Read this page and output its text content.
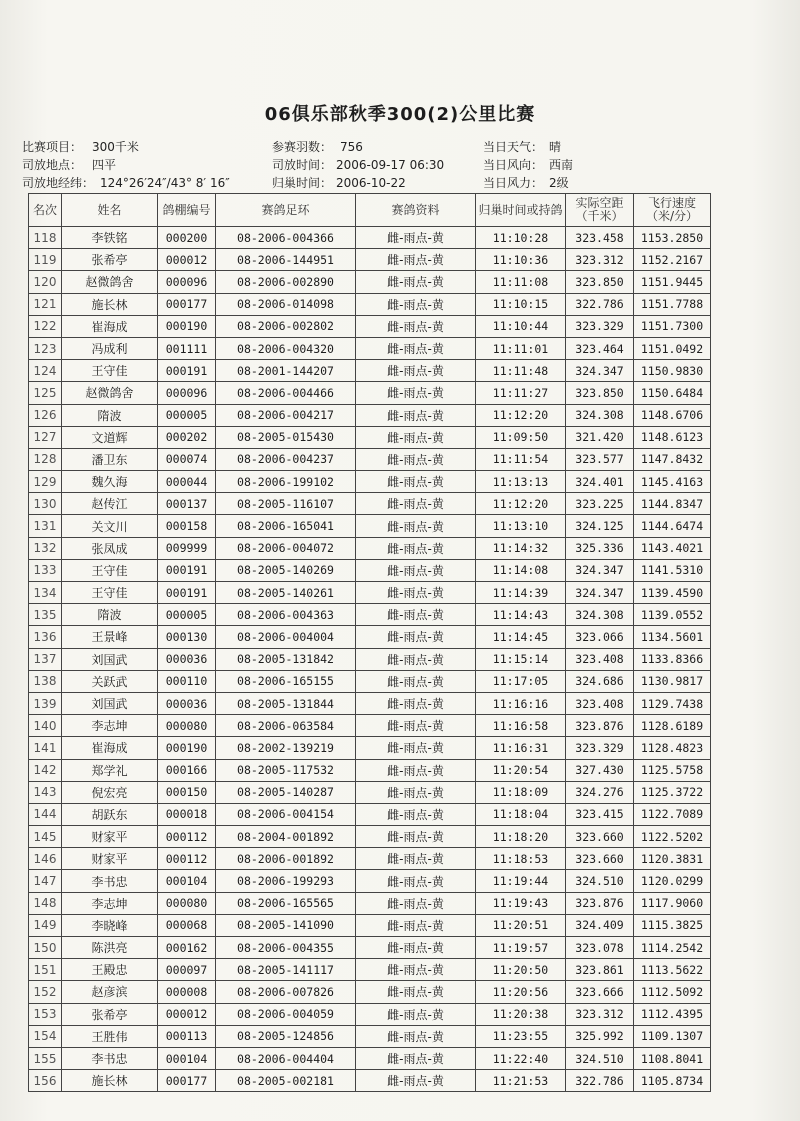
06俱乐部秋季300(2)公里比赛
比赛项目： 300千米
司放地点： 四平
司放地经纬： 124°26′24″/43° 8′ 16″
参赛羽数： 756
司放时间： 2006-09-17 06:30
归巢时间： 2006-10-22
当日天气： 晴
当日风向： 西南
当日风力： 2级
名次	姓名	鸽棚编号	赛鸽足环	赛鸽资料	归巢时间或持鸽	实际空距（千米）	飞行速度（米/分）
118	李铁铭	000200	08-2006-004366	雌-雨点-黄	11:10:28	323.458	1153.2850
119	张希亭	000012	08-2006-144951	雌-雨点-黄	11:10:36	323.312	1152.2167
120	赵微鸽舍	000096	08-2006-002890	雌-雨点-黄	11:11:08	323.850	1151.9445
121	施长林	000177	08-2006-014098	雌-雨点-黄	11:10:15	322.786	1151.7788
122	崔海成	000190	08-2006-002802	雌-雨点-黄	11:10:44	323.329	1151.7300
123	冯成利	001111	08-2006-004320	雌-雨点-黄	11:11:01	323.464	1151.0492
124	王守佳	000191	08-2001-144207	雌-雨点-黄	11:11:48	324.347	1150.9830
125	赵微鸽舍	000096	08-2006-004466	雌-雨点-黄	11:11:27	323.850	1150.6484
126	隋波	000005	08-2006-004217	雌-雨点-黄	11:12:20	324.308	1148.6706
127	文道辉	000202	08-2005-015430	雌-雨点-黄	11:09:50	321.420	1148.6123
128	潘卫东	000074	08-2006-004237	雌-雨点-黄	11:11:54	323.577	1147.8432
129	魏久海	000044	08-2006-199102	雌-雨点-黄	11:13:13	324.401	1145.4163
130	赵传江	000137	08-2005-116107	雌-雨点-黄	11:12:20	323.225	1144.8347
131	关文川	000158	08-2006-165041	雌-雨点-黄	11:13:10	324.125	1144.6474
132	张凤成	009999	08-2006-004072	雌-雨点-黄	11:14:32	325.336	1143.4021
133	王守佳	000191	08-2005-140269	雌-雨点-黄	11:14:08	324.347	1141.5310
134	王守佳	000191	08-2005-140261	雌-雨点-黄	11:14:39	324.347	1139.4590
135	隋波	000005	08-2006-004363	雌-雨点-黄	11:14:43	324.308	1139.0552
136	王景峰	000130	08-2006-004004	雌-雨点-黄	11:14:45	323.066	1134.5601
137	刘国武	000036	08-2005-131842	雌-雨点-黄	11:15:14	323.408	1133.8366
138	关跃武	000110	08-2006-165155	雌-雨点-黄	11:17:05	324.686	1130.9817
139	刘国武	000036	08-2005-131844	雌-雨点-黄	11:16:16	323.408	1129.7438
140	李志坤	000080	08-2006-063584	雌-雨点-黄	11:16:58	323.876	1128.6189
141	崔海成	000190	08-2002-139219	雌-雨点-黄	11:16:31	323.329	1128.4823
142	郑学礼	000166	08-2005-117532	雌-雨点-黄	11:20:54	327.430	1125.5758
143	倪宏亮	000150	08-2005-140287	雌-雨点-黄	11:18:09	324.276	1125.3722
144	胡跃东	000018	08-2006-004154	雌-雨点-黄	11:18:04	323.415	1122.7089
145	财家平	000112	08-2004-001892	雌-雨点-黄	11:18:20	323.660	1122.5202
146	财家平	000112	08-2006-001892	雌-雨点-黄	11:18:53	323.660	1120.3831
147	李书忠	000104	08-2006-199293	雌-雨点-黄	11:19:44	324.510	1120.0299
148	李志坤	000080	08-2006-165565	雌-雨点-黄	11:19:43	323.876	1117.9060
149	李晓峰	000068	08-2005-141090	雌-雨点-黄	11:20:51	324.409	1115.3825
150	陈洪亮	000162	08-2006-004355	雌-雨点-黄	11:19:57	323.078	1114.2542
151	王殿忠	000097	08-2005-141117	雌-雨点-黄	11:20:50	323.861	1113.5622
152	赵彦滨	000008	08-2006-007826	雌-雨点-黄	11:20:56	323.666	1112.5092
153	张希亭	000012	08-2006-004059	雌-雨点-黄	11:20:38	323.312	1112.4395
154	王胜伟	000113	08-2005-124856	雌-雨点-黄	11:23:55	325.992	1109.1307
155	李书忠	000104	08-2006-004404	雌-雨点-黄	11:22:40	324.510	1108.8041
156	施长林	000177	08-2005-002181	雌-雨点-黄	11:21:53	322.786	1105.8734
